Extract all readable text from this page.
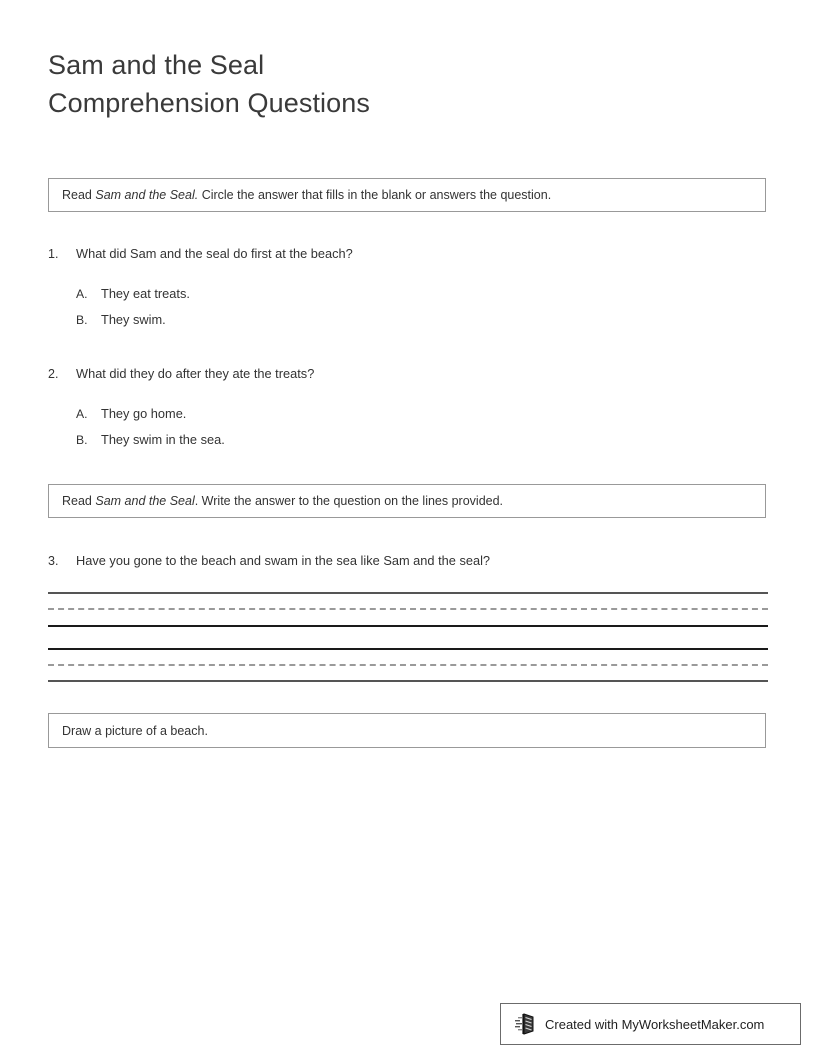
Sam and the Seal
Comprehension Questions
Read Sam and the Seal. Circle the answer that fills in the blank or answers the question.
1.	What did Sam and the seal do first at the beach?
A.	They eat treats.
B.	They swim.
2.	What did they do after they ate the treats?
A.	They go home.
B.	They swim in the sea.
Read Sam and the Seal. Write the answer to the question on the lines provided.
3.	Have you gone to the beach and swam in the sea like Sam and the seal?
Draw a picture of a beach.
Created with MyWorksheetMaker.com
